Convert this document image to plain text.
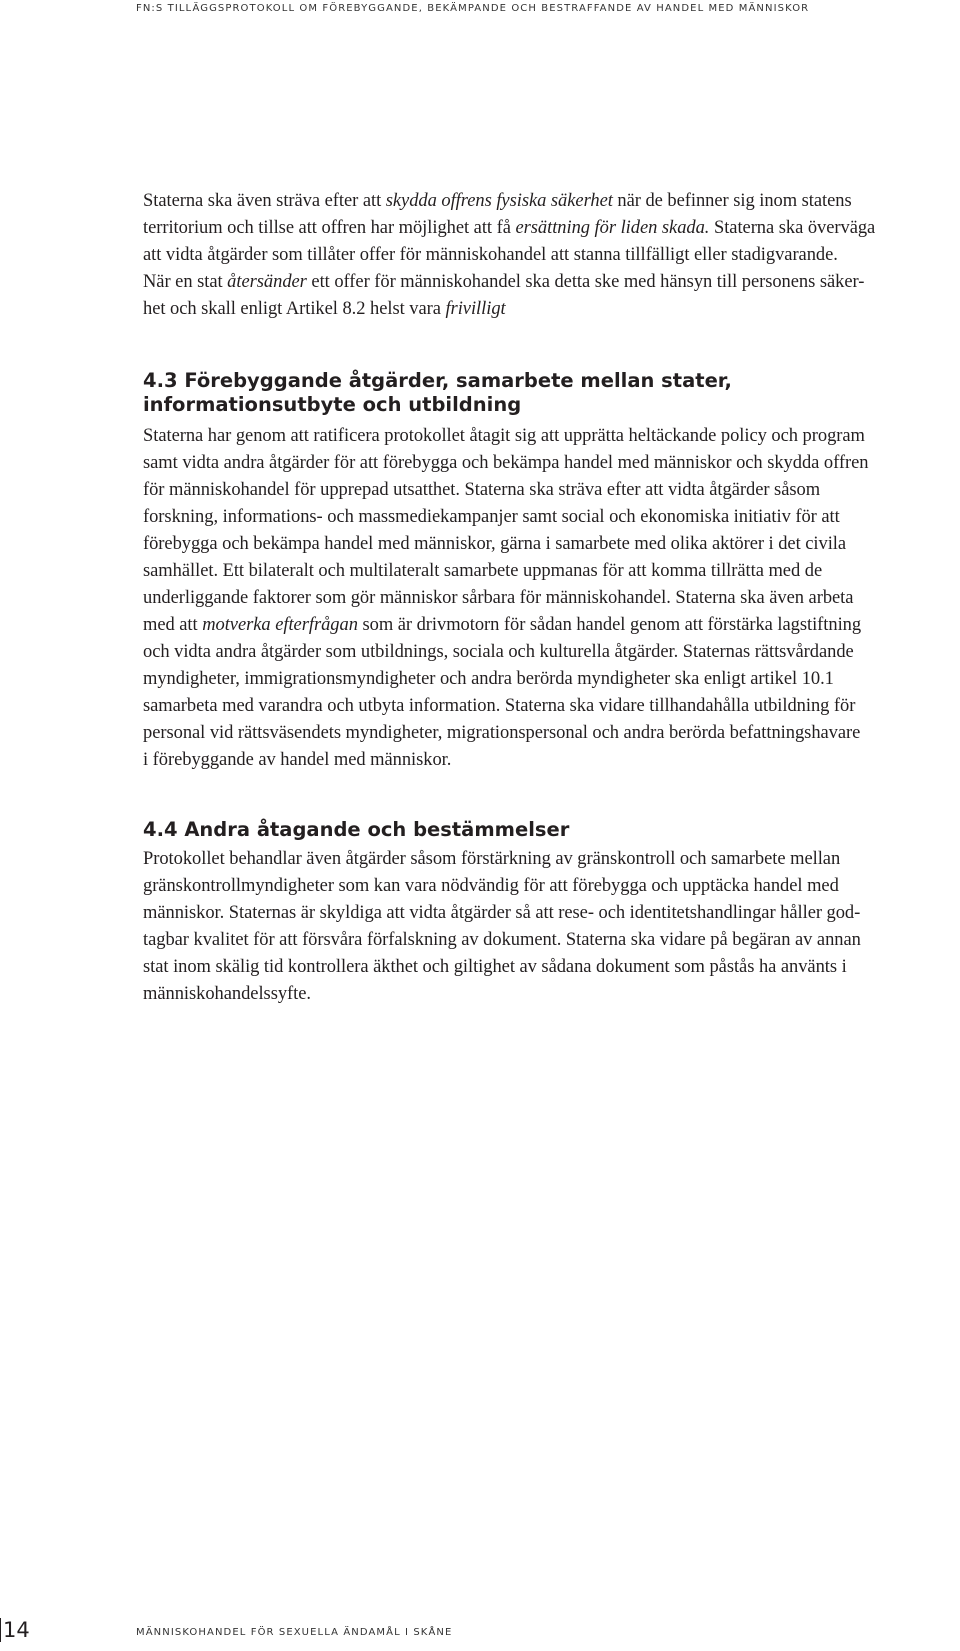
FN:S TILLÄGGSPROTOKOLL OM FÖREBYGGANDE, BEKÄMPANDE OCH BESTRAFFANDE AV HANDEL MED MÄNNISKOR

Staterna ska även sträva efter att skydda offrens fysiska säkerhet när de befinner sig inom statens

territorium och tillse att offren har möjlighet att få ersättning för liden skada. Staterna ska överväga

att vidta åtgärder som tillåter offer för människohandel att stanna tillfälligt eller stadigvarande.

När en stat återsänder ett offer för människohandel ska detta ske med hänsyn till personens säker-

het och skall enligt Artikel 8.2 helst vara frivilligt

4.3 Förebyggande åtgärder, samarbete mellan stater,
informationsutbyte och utbildning

Staterna har genom att ratificera protokollet åtagit sig att upprätta heltäckande policy och program

samt vidta andra åtgärder för att förebygga och bekämpa handel med människor och skydda offren

för människohandel för upprepad utsatthet. Staterna ska sträva efter att vidta åtgärder såsom

forskning, informations- och massmediekampanjer samt social och ekonomiska initiativ för att

förebygga och bekämpa handel med människor, gärna i samarbete med olika aktörer i det civila

samhället. Ett bilateralt och multilateralt samarbete uppmanas för att komma tillrätta med de

underliggande faktorer som gör människor sårbara för människohandel. Staterna ska även arbeta

med att motverka efterfrågan som är drivmotorn för sådan handel genom att förstärka lagstiftning

och vidta andra åtgärder som utbildnings, sociala och kulturella åtgärder. Staternas rättsvårdande

myndigheter, immigrationsmyndigheter och andra berörda myndigheter ska enligt artikel 10.1

samarbeta med varandra och utbyta information. Staterna ska vidare tillhandahålla utbildning för

personal vid rättsväsendets myndigheter, migrationspersonal och andra berörda befattningshavare

i förebyggande av handel med människor.

4.4 Andra åtagande och bestämmelser

Protokollet behandlar även åtgärder såsom förstärkning av gränskontroll och samarbete mellan

gränskontrollmyndigheter som kan vara nödvändig för att förebygga och upptäcka handel med

människor. Staternas är skyldiga att vidta åtgärder så att rese- och identitetshandlingar håller god-

tagbar kvalitet för att försvåra förfalskning av dokument. Staterna ska vidare på begäran av annan

stat inom skälig tid kontrollera äkthet och giltighet av sådana dokument som påstås ha använts i

människohandelssyfte.

14	MÄNNISKOHANDEL FÖR SEXUELLA ÄNDAMÅL I SKÅNE
